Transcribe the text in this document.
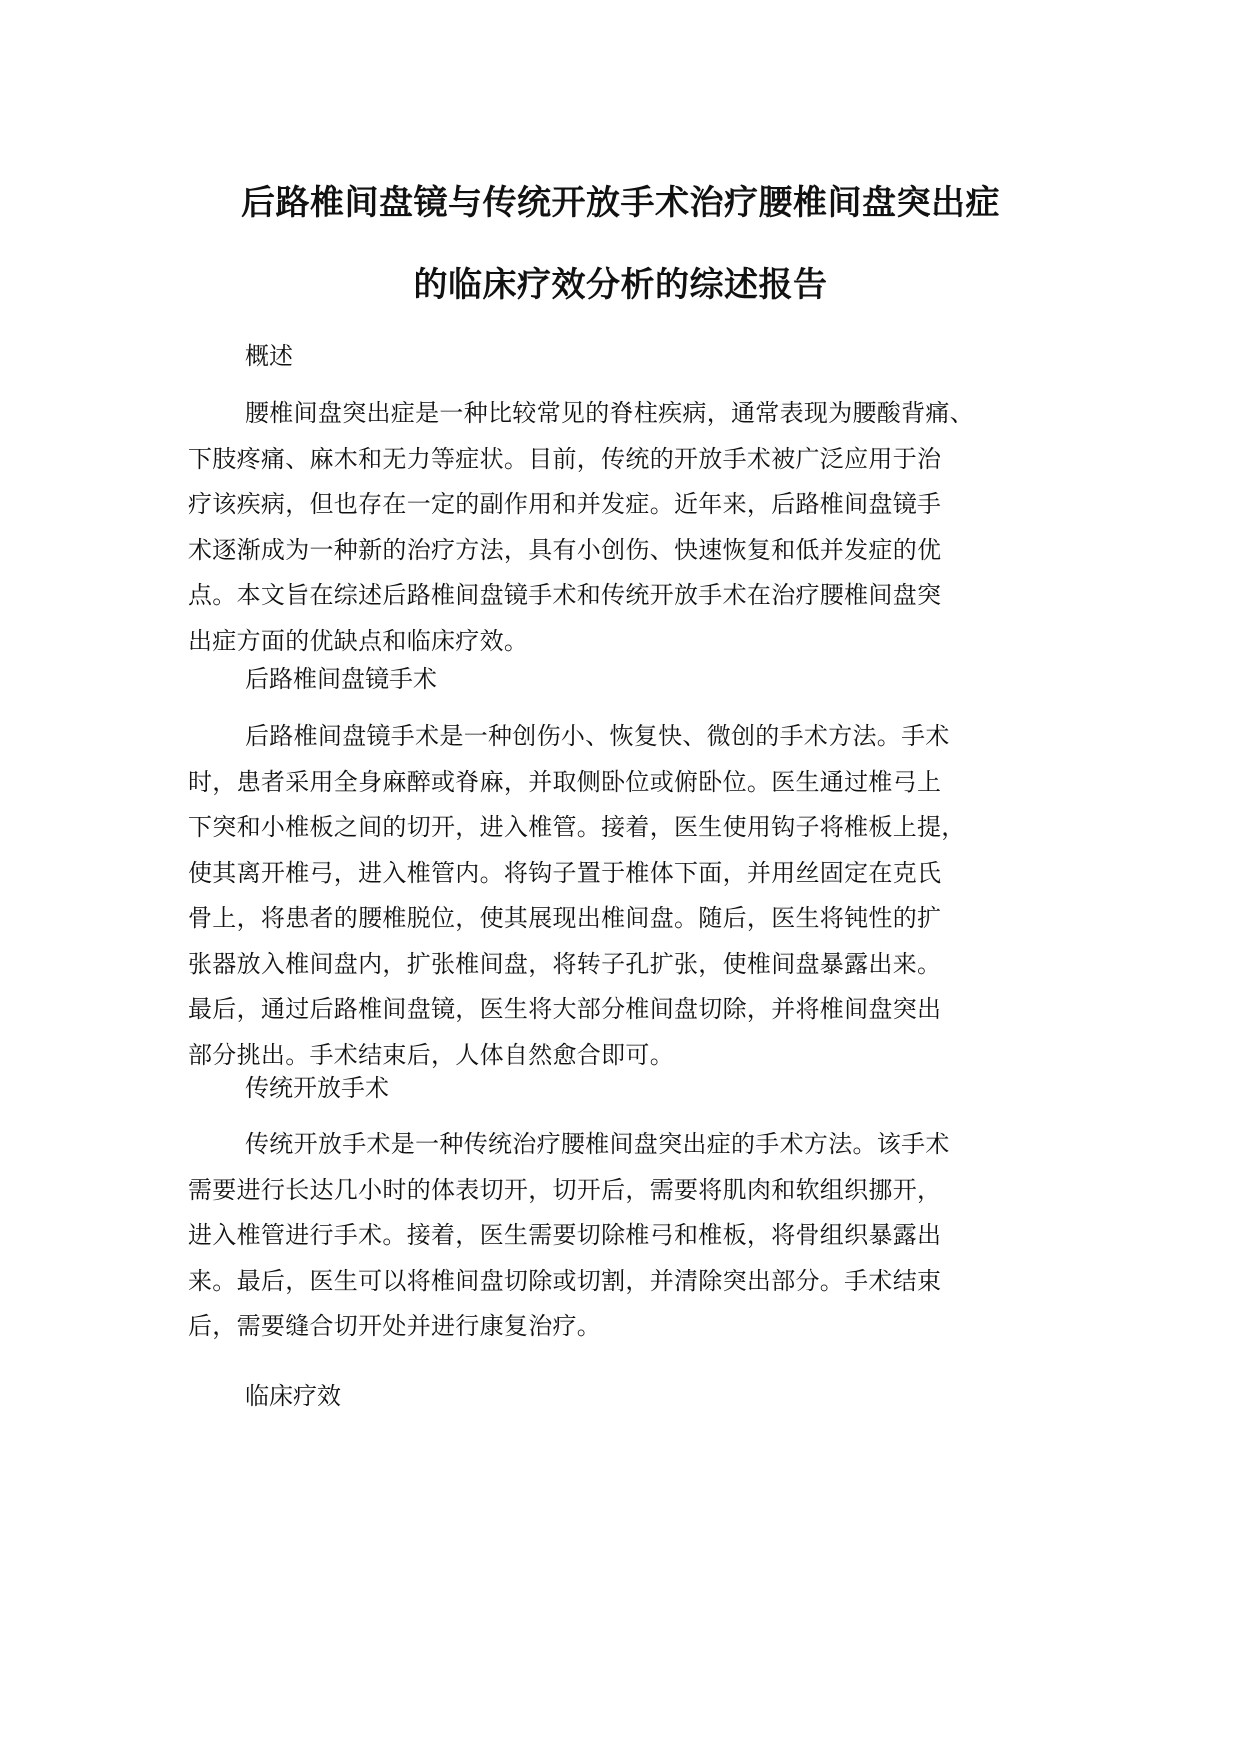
后路椎间盘镜与传统开放手术治疗腰椎间盘突出症
的临床疗效分析的综述报告
概述
腰椎间盘突出症是一种比较常见的脊柱疾病，通常表现为腰酸背痛、
下肢疼痛、麻木和无力等症状。目前，传统的开放手术被广泛应用于治
疗该疾病，但也存在一定的副作用和并发症。近年来，后路椎间盘镜手
术逐渐成为一种新的治疗方法，具有小创伤、快速恢复和低并发症的优
点。本文旨在综述后路椎间盘镜手术和传统开放手术在治疗腰椎间盘突
出症方面的优缺点和临床疗效。
后路椎间盘镜手术
后路椎间盘镜手术是一种创伤小、恢复快、微创的手术方法。手术
时，患者采用全身麻醉或脊麻，并取侧卧位或俯卧位。医生通过椎弓上
下突和小椎板之间的切开，进入椎管。接着，医生使用钩子将椎板上提，
使其离开椎弓，进入椎管内。将钩子置于椎体下面，并用丝固定在克氏
骨上，将患者的腰椎脱位，使其展现出椎间盘。随后，医生将钝性的扩
张器放入椎间盘内，扩张椎间盘，将转子孔扩张，使椎间盘暴露出来。
最后，通过后路椎间盘镜，医生将大部分椎间盘切除，并将椎间盘突出
部分挑出。手术结束后，人体自然愈合即可。
传统开放手术
传统开放手术是一种传统治疗腰椎间盘突出症的手术方法。该手术
需要进行长达几小时的体表切开，切开后，需要将肌肉和软组织挪开，
进入椎管进行手术。接着，医生需要切除椎弓和椎板，将骨组织暴露出
来。最后，医生可以将椎间盘切除或切割，并清除突出部分。手术结束
后，需要缝合切开处并进行康复治疗。
临床疗效
